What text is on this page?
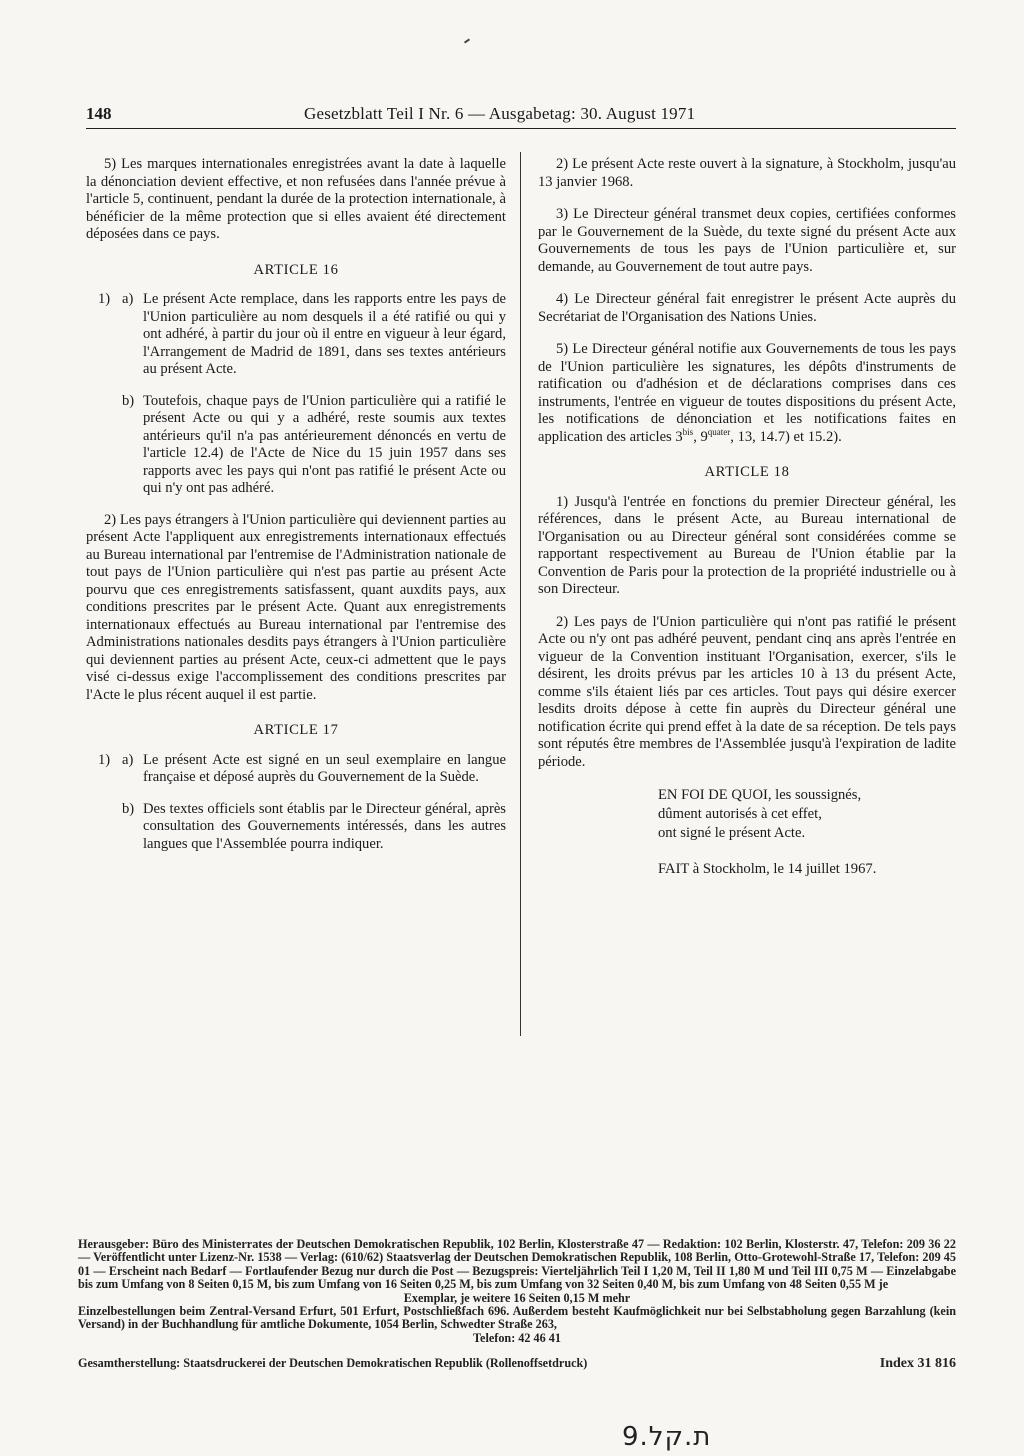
148	Gesetzblatt Teil I Nr. 6 — Ausgabetag: 30. August 1971

5) Les marques internationales enregistrées avant la date à laquelle la dénonciation devient effective, et non refusées dans l'année prévue à l'article 5, continuent, pendant la durée de la protection internationale, à bénéficier de la même protection que si elles avaient été directement déposées dans ce pays.

ARTICLE 16
1) a) Le présent Acte remplace, dans les rapports entre les pays de l'Union particulière au nom desquels il a été ratifié ou qui y ont adhéré, à partir du jour où il entre en vigueur à leur égard, l'Arrangement de Madrid de 1891, dans ses textes antérieurs au présent Acte.
b) Toutefois, chaque pays de l'Union particulière qui a ratifié le présent Acte ou qui y a adhéré, reste soumis aux textes antérieurs qu'il n'a pas antérieurement dénoncés en vertu de l'article 12.4) de l'Acte de Nice du 15 juin 1957 dans ses rapports avec les pays qui n'ont pas ratifié le présent Acte ou qui n'y ont pas adhéré.

2) Les pays étrangers à l'Union particulière qui deviennent parties au présent Acte l'appliquent aux enregistrements internationaux effectués au Bureau international par l'entremise de l'Administration nationale de tout pays de l'Union particulière qui n'est pas partie au présent Acte pourvu que ces enregistrements satisfassent, quant auxdits pays, aux conditions prescrites par le présent Acte. Quant aux enregistrements internationaux effectués au Bureau international par l'entremise des Administrations nationales desdits pays étrangers à l'Union particulière qui deviennent parties au présent Acte, ceux-ci admettent que le pays visé ci-dessus exige l'accomplissement des conditions prescrites par l'Acte le plus récent auquel il est partie.

ARTICLE 17
1) a) Le présent Acte est signé en un seul exemplaire en langue française et déposé auprès du Gouvernement de la Suède.
b) Des textes officiels sont établis par le Directeur général, après consultation des Gouvernements intéressés, dans les autres langues que l'Assemblée pourra indiquer.

2) Le présent Acte reste ouvert à la signature, à Stockholm, jusqu'au 13 janvier 1968.

3) Le Directeur général transmet deux copies, certifiées conformes par le Gouvernement de la Suède, du texte signé du présent Acte aux Gouvernements de tous les pays de l'Union particulière et, sur demande, au Gouvernement de tout autre pays.

4) Le Directeur général fait enregistrer le présent Acte auprès du Secrétariat de l'Organisation des Nations Unies.

5) Le Directeur général notifie aux Gouvernements de tous les pays de l'Union particulière les signatures, les dépôts d'instruments de ratification ou d'adhésion et de déclarations comprises dans ces instruments, l'entrée en vigueur de toutes dispositions du présent Acte, les notifications de dénonciation et les notifications faites en application des articles $3^{bis}$, $9^{quater}$, 13, 14.7) et 15.2).

ARTICLE 18

1) Jusqu'à l'entrée en fonctions du premier Directeur général, les références, dans le présent Acte, au Bureau international de l'Organisation ou au Directeur général sont considérées comme se rapportant respectivement au Bureau de l'Union établie par la Convention de Paris pour la protection de la propriété industrielle ou à son Directeur.

2) Les pays de l'Union particulière qui n'ont pas ratifié le présent Acte ou n'y ont pas adhéré peuvent, pendant cinq ans après l'entrée en vigueur de la Convention instituant l'Organisation, exercer, s'ils le désirent, les droits prévus par les articles 10 à 13 du présent Acte, comme s'ils étaient liés par ces articles. Tout pays qui désire exercer lesdits droits dépose à cette fin auprès du Directeur général une notification écrite qui prend effet à la date de sa réception. De tels pays sont réputés être membres de l'Assemblée jusqu'à l'expiration de ladite période.

EN FOI DE QUOI, les soussignés,
dûment autorisés à cet effet,
ont signé le présent Acte.
FAIT à Stockholm, le 14 juillet 1967.

Herausgeber: Büro des Ministerrates der Deutschen Demokratischen Republik, 102 Berlin, Klosterstraße 47 — Redaktion: 102 Berlin, Klosterstr. 47, Telefon: 209 36 22 — Veröffentlicht unter Lizenz-Nr. 1538 — Verlag: (610/62) Staatsverlag der Deutschen Demokratischen Republik, 108 Berlin, Otto-Grotewohl-Straße 17, Telefon: 209 45 01 — Erscheint nach Bedarf — Fortlaufender Bezug nur durch die Post — Bezugspreis: Vierteljährlich Teil I 1,20 M, Teil II 1,80 M und Teil III 0,75 M — Einzelabgabe bis zum Umfang von 8 Seiten 0,15 M, bis zum Umfang von 16 Seiten 0,25 M, bis zum Umfang von 32 Seiten 0,40 M, bis zum Umfang von 48 Seiten 0,55 M je

Exemplar, je weitere 16 Seiten 0,15 M mehr

Einzelbestellungen beim Zentral-Versand Erfurt, 501 Erfurt, Postschließfach 696. Außerdem besteht Kaufmöglichkeit nur bei Selbstabholung gegen Barzahlung (kein Versand) in der Buchhandlung für amtliche Dokumente, 1054 Berlin, Schwedter Straße 263,

Telefon: 42 46 41

Gesamtherstellung: Staatsdruckerei der Deutschen Demokratischen Republik (Rollenoffsetdruck)	Index 31 816
ת.קל.9
